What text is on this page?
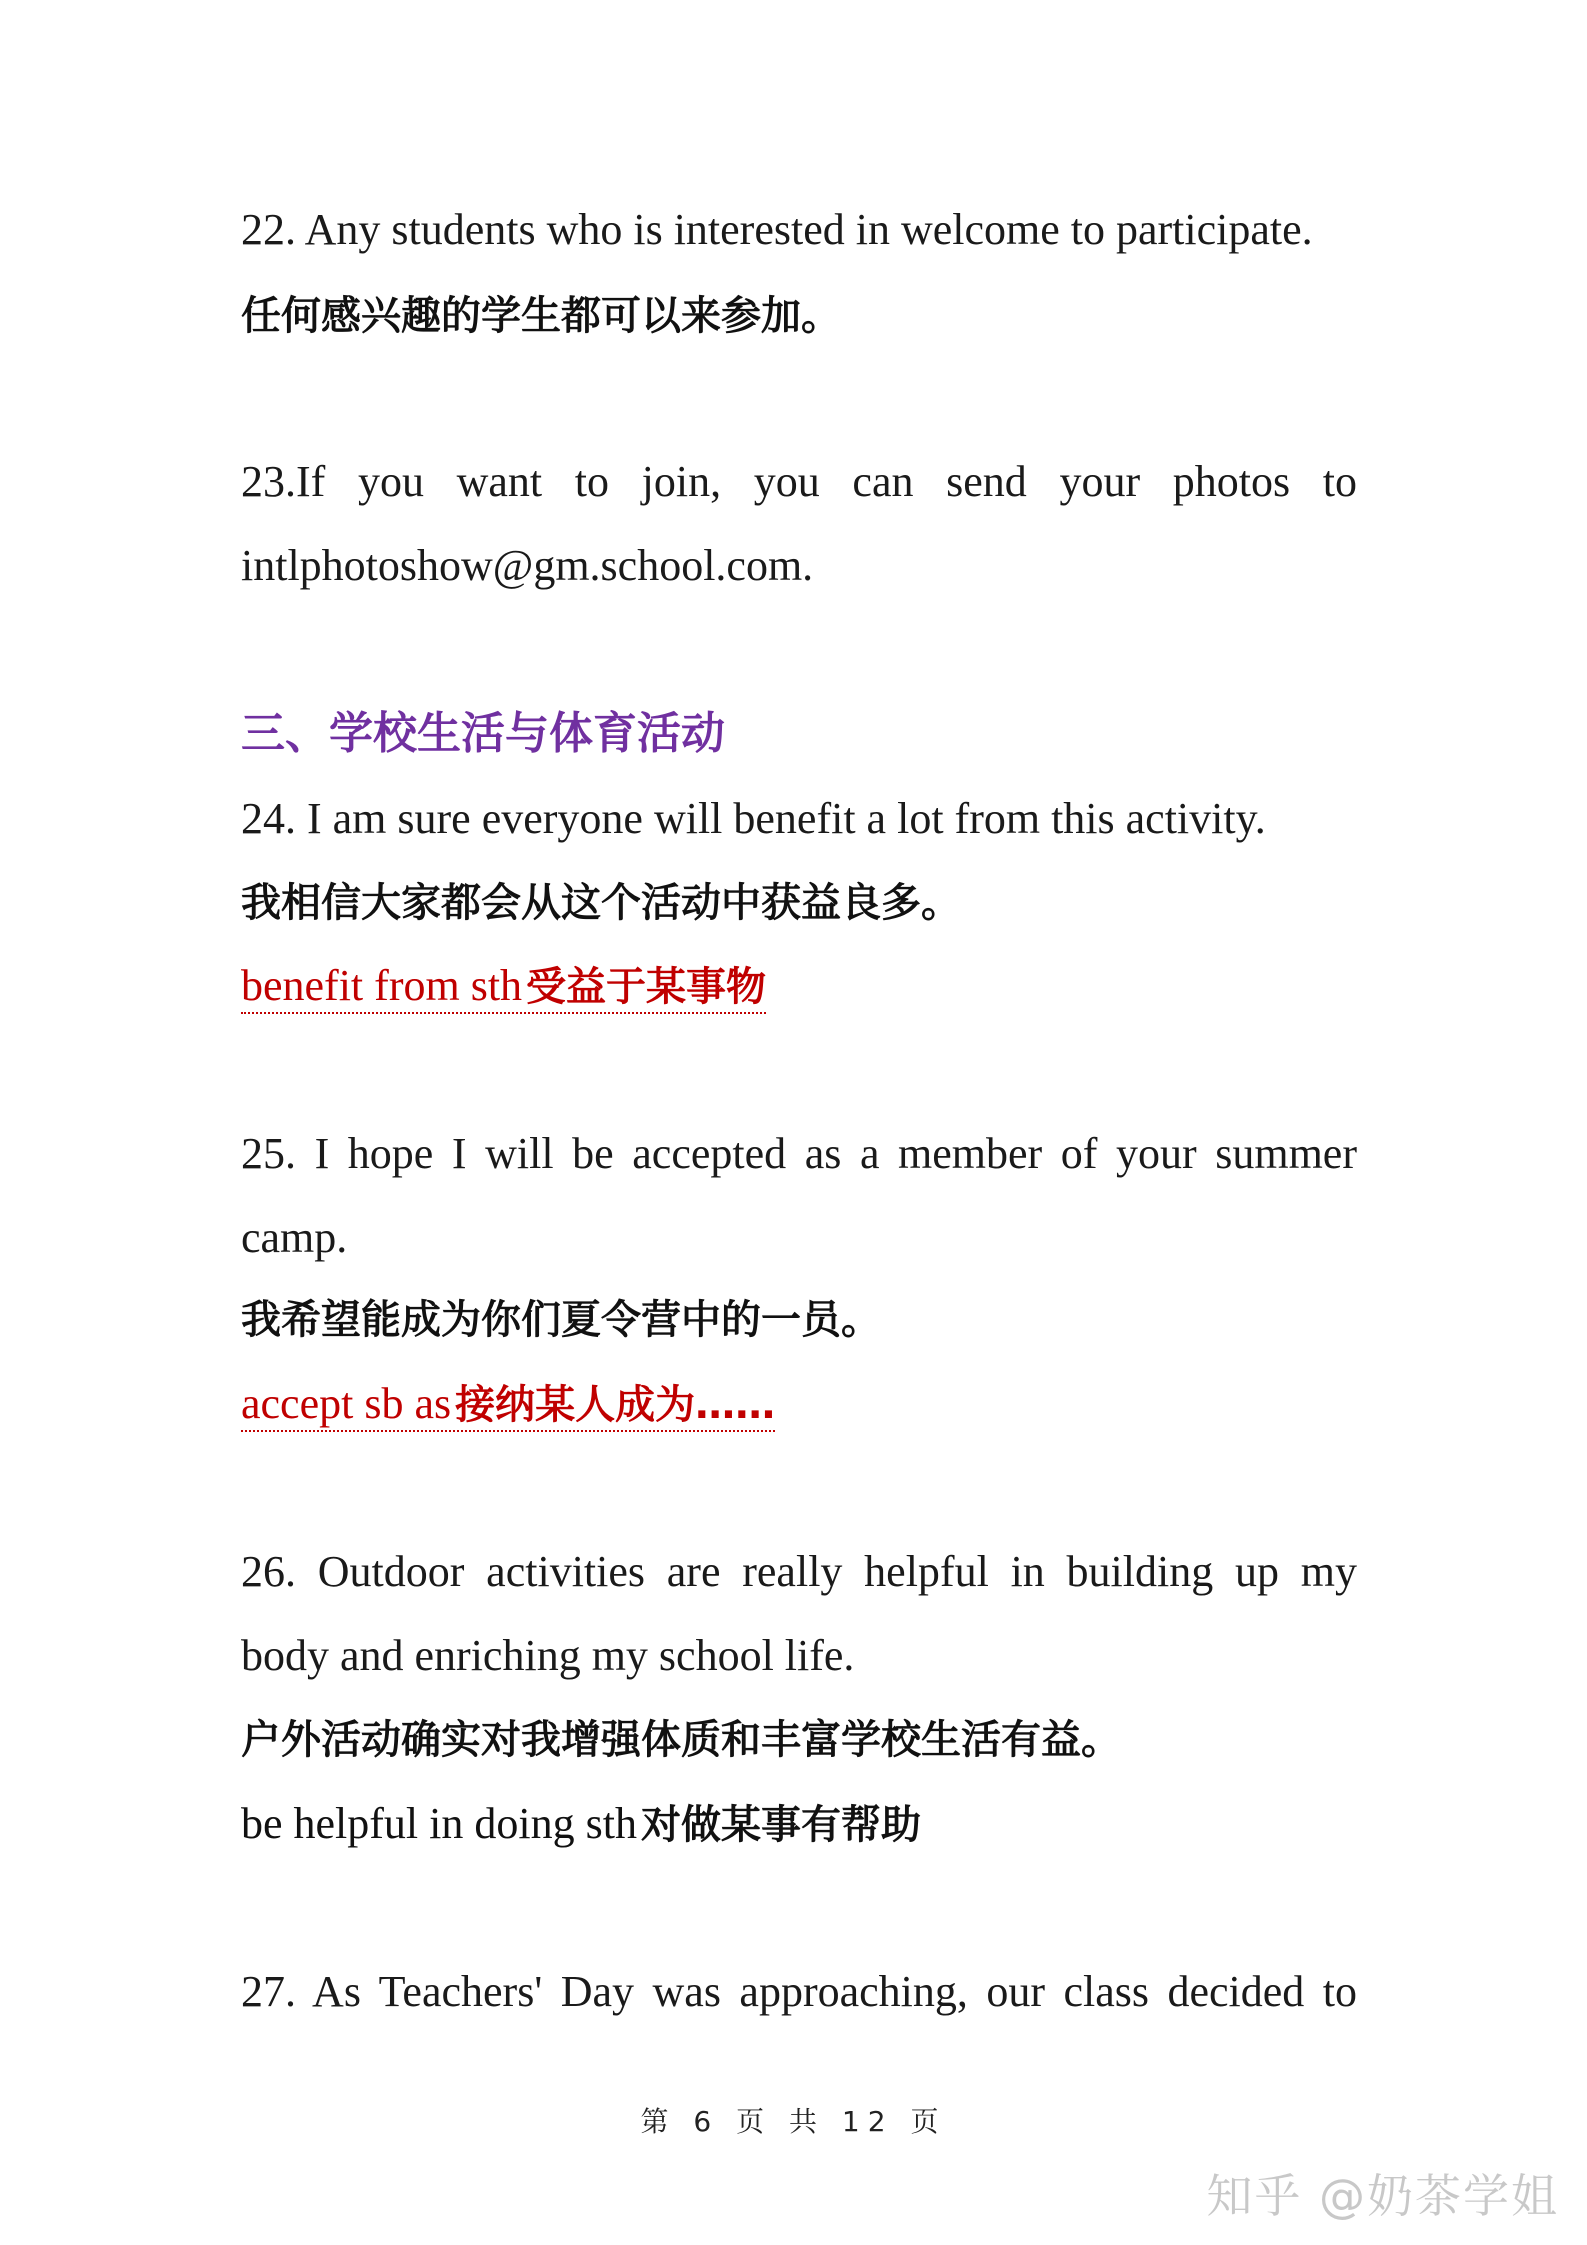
22. Any students who is interested in welcome to participate.
任何感兴趣的学生都可以来参加。
23.If you want to join, you can send your photos to
intlphotoshow@gm.school.com.
三、学校生活与体育活动
24. I am sure everyone will benefit a lot from this activity.
我相信大家都会从这个活动中获益良多。
benefit from sth 受益于某事物
25. I hope I will be accepted as a member of your summer
camp.
我希望能成为你们夏令营中的一员。
accept sb as 接纳某人成为……
26. Outdoor activities are really helpful in building up my
body and enriching my school life.
户外活动确实对我增强体质和丰富学校生活有益。
be helpful in doing sth 对做某事有帮助
27. As Teachers' Day was approaching, our class decided to
第 6 页 共 12 页
知乎 @奶茶学姐
